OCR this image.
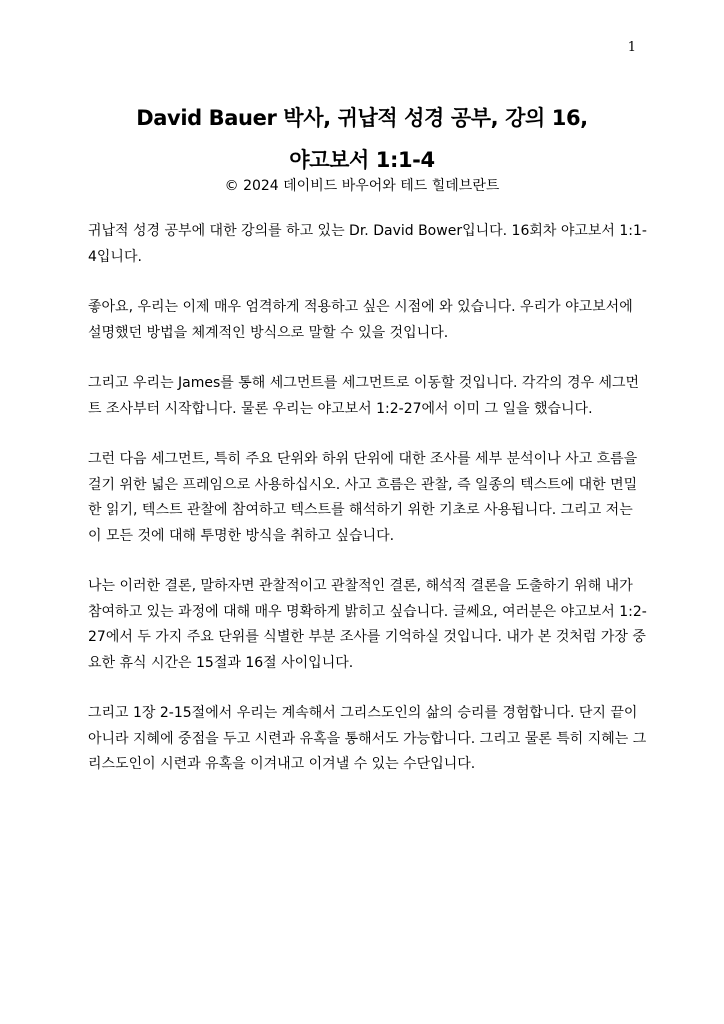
1
David Bauer 박사, 귀납적 성경 공부, 강의 16,
야고보서 1:1-4
© 2024 데이비드 바우어와 테드 힐데브란트

귀납적 성경 공부에 대한 강의를 하고 있는 Dr. David Bower입니다. 16회차 야고보서 1:1-4입니다.

좋아요, 우리는 이제 매우 엄격하게 적용하고 싶은 시점에 와 있습니다. 우리가 야고보서에 설명했던 방법을 체계적인 방식으로 말할 수 있을 것입니다.

그리고 우리는 James를 통해 세그먼트를 세그먼트로 이동할 것입니다. 각각의 경우 세그먼트 조사부터 시작합니다. 물론 우리는 야고보서 1:2-27에서 이미 그 일을 했습니다.

그런 다음 세그먼트, 특히 주요 단위와 하위 단위에 대한 조사를 세부 분석이나 사고 흐름을 걸기 위한 넓은 프레임으로 사용하십시오. 사고 흐름은 관찰, 즉 일종의 텍스트에 대한 면밀한 읽기, 텍스트 관찰에 참여하고 텍스트를 해석하기 위한 기초로 사용됩니다. 그리고 저는 이 모든 것에 대해 투명한 방식을 취하고 싶습니다.

나는 이러한 결론, 말하자면 관찰적이고 관찰적인 결론, 해석적 결론을 도출하기 위해 내가 참여하고 있는 과정에 대해 매우 명확하게 밝히고 싶습니다. 글쎄요, 여러분은 야고보서 1:2-27에서 두 가지 주요 단위를 식별한 부분 조사를 기억하실 것입니다. 내가 본 것처럼 가장 중요한 휴식 시간은 15절과 16절 사이입니다.

그리고 1장 2-15절에서 우리는 계속해서 그리스도인의 삶의 승리를 경험합니다. 단지 끝이 아니라 지혜에 중점을 두고 시련과 유혹을 통해서도 가능합니다. 그리고 물론 특히 지혜는 그리스도인이 시련과 유혹을 이겨내고 이겨낼 수 있는 수단입니다.
